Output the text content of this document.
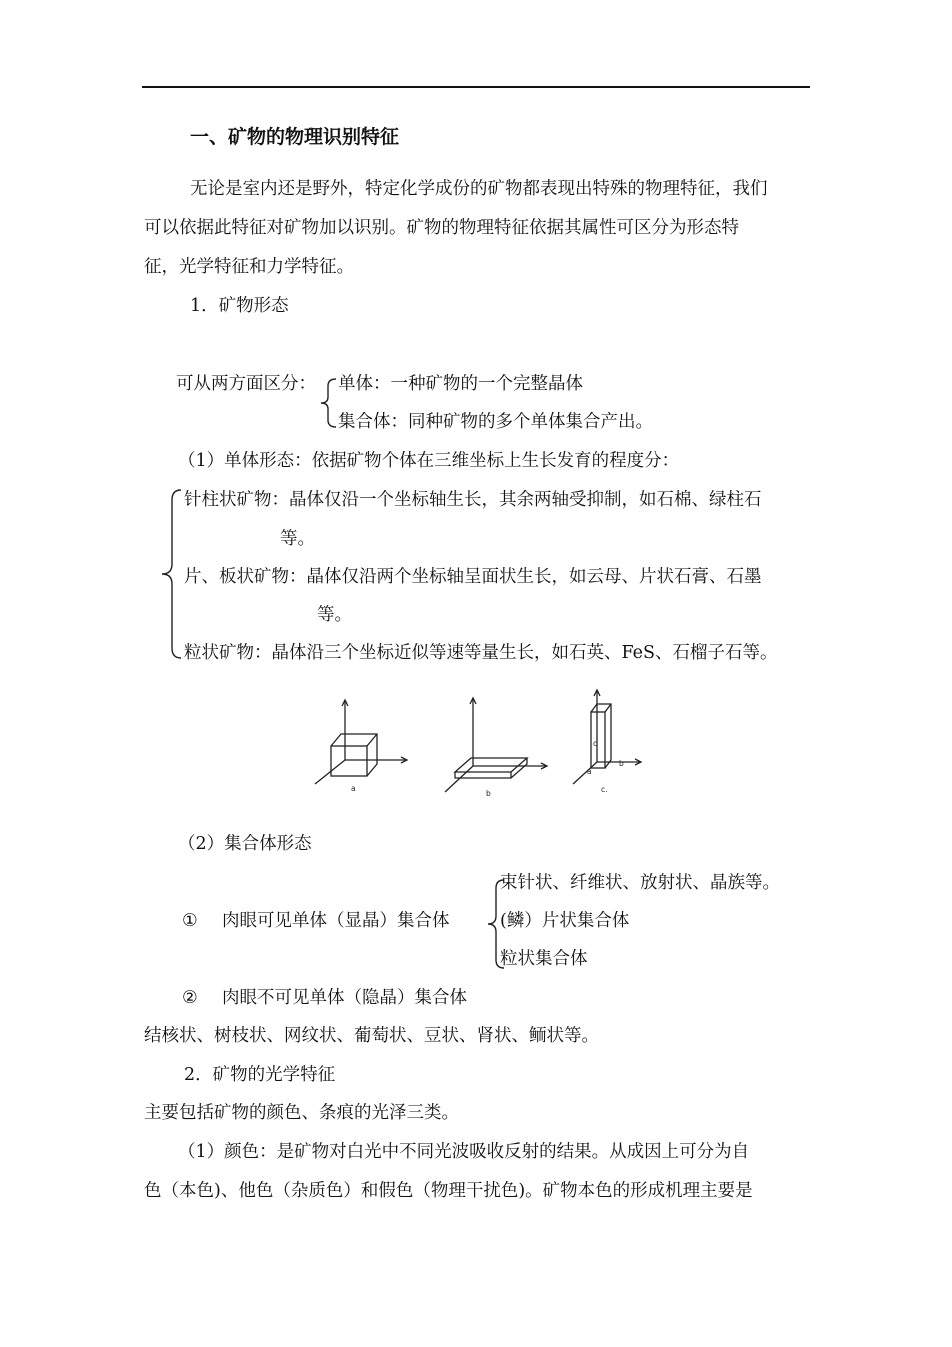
一、矿物的物理识别特征
无论是室内还是野外，特定化学成份的矿物都表现出特殊的物理特征，我们
可以依据此特征对矿物加以识别。矿物的物理特征依据其属性可区分为形态特
征，光学特征和力学特征。
1．矿物形态
可从两方面区分： 单体：一种矿物的一个完整晶体
集合体：同种矿物的多个单体集合产出。
（1）单体形态：依据矿物个体在三维坐标上生长发育的程度分：
针柱状矿物：晶体仅沿一个坐标轴生长，其余两轴受抑制，如石棉、绿柱石
等。
片、板状矿物：晶体仅沿两个坐标轴呈面状生长，如云母、片状石膏、石墨
等。
粒状矿物：晶体沿三个坐标近似等速等量生长，如石英、FeS、石榴子石等。
a
b	c.
c
b
a
（2）集合体形态
① 肉眼可见单体（显晶）集合体
束针状、纤维状、放射状、晶族等。
(鳞）片状集合体
粒状集合体
② 肉眼不可见单体（隐晶）集合体
结核状、树枝状、网纹状、葡萄状、豆状、肾状、鲕状等。
2．矿物的光学特征
主要包括矿物的颜色、条痕的光泽三类。
（1）颜色：是矿物对白光中不同光波吸收反射的结果。从成因上可分为自
色（本色)、他色（杂质色）和假色（物理干扰色)。矿物本色的形成机理主要是
